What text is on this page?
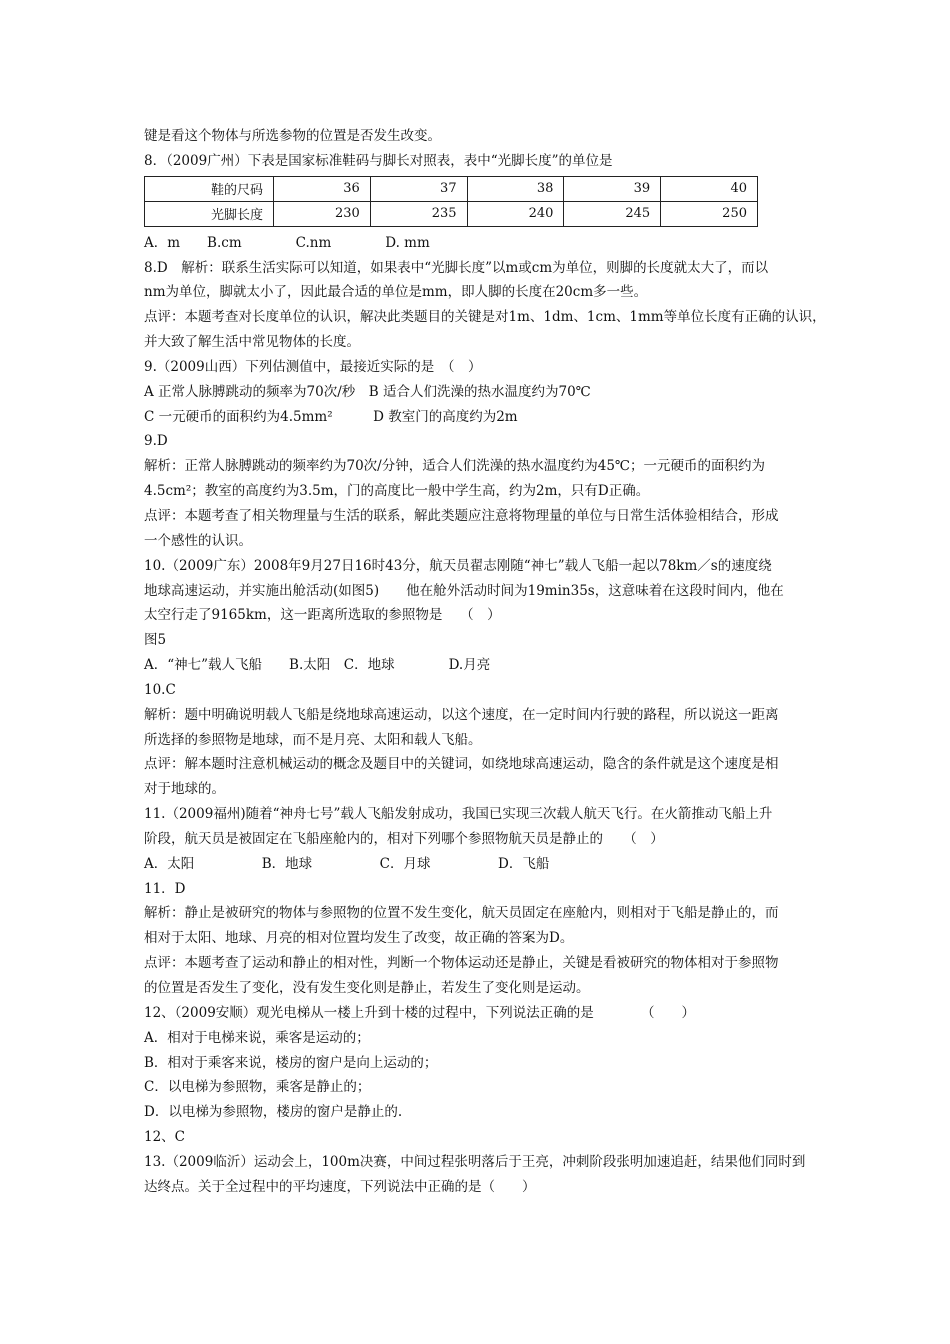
键是看这个物体与所选参物的位置是否发生改变。
8．（2009广州）下表是国家标准鞋码与脚长对照表，表中“光脚长度”的单位是
鞋的尺码	36	37	38	39	40
光脚长度	230	235	240	245	250
A．m　　B.cm　　　　C.nm　　　　D. mm
8.D　解析：联系生活实际可以知道，如果表中“光脚长度”以m或cm为单位，则脚的长度就太大了，而以
nm为单位，脚就太小了，因此最合适的单位是mm，即人脚的长度在20cm多一些。
点评：本题考查对长度单位的认识，解决此类题目的关键是对1m、1dm、1cm、1mm等单位长度有正确的认识，
并大致了解生活中常见物体的长度。
9.（2009山西）下列估测值中，最接近实际的是　（　）
A 正常人脉膊跳动的频率为70次/秒　B 适合人们洗澡的热水温度约为70℃
C 一元硬币的面积约为4.5mm²　　　D 教室门的高度约为2m
9.D
解析：正常人脉膊跳动的频率约为70次/分钟，适合人们洗澡的热水温度约为45℃；一元硬币的面积约为
4.5cm²；教室的高度约为3.5m，门的高度比一般中学生高，约为2m，只有D正确。
点评：本题考查了相关物理量与生活的联系，解此类题应注意将物理量的单位与日常生活体验相结合，形成
一个感性的认识。
10.（2009广东）2008年9月27日16时43分，航天员翟志刚随“神七”载人飞船一起以78km／s的速度绕
地球高速运动，并实施出舱活动(如图5)　　他在舱外活动时间为19min35s，这意味着在这段时间内，他在
太空行走了9165km，这一距离所选取的参照物是　 （　）
图5
A．“神七”载人飞船　　B.太阳　C．地球　　　　D.月亮
10.C
解析：题中明确说明载人飞船是绕地球高速运动，以这个速度，在一定时间内行驶的路程，所以说这一距离
所选择的参照物是地球，而不是月亮、太阳和载人飞船。
点评：解本题时注意机械运动的概念及题目中的关键词，如绕地球高速运动，隐含的条件就是这个速度是相
对于地球的。
11.（2009福州)随着“神舟七号”载人飞船发射成功，我国已实现三次载人航天飞行。在火箭推动飞船上升
阶段，航天员是被固定在飞船座舱内的，相对下列哪个参照物航天员是静止的　　（　）
A．太阳　　　　　B．地球　　　　　C．月球　　　　　D．飞船
11．D
解析：静止是被研究的物体与参照物的位置不发生变化，航天员固定在座舱内，则相对于飞船是静止的，而
相对于太阳、地球、月亮的相对位置均发生了改变，故正确的答案为D。
点评：本题考查了运动和静止的相对性，判断一个物体运动还是静止，关键是看被研究的物体相对于参照物
的位置是否发生了变化，没有发生变化则是静止，若发生了变化则是运动。
12、（2009安顺）观光电梯从一楼上升到十楼的过程中，下列说法正确的是　　　　（　　）
A．相对于电梯来说，乘客是运动的；
B．相对于乘客来说，楼房的窗户是向上运动的；
C．以电梯为参照物，乘客是静止的；
D．以电梯为参照物，楼房的窗户是静止的.
12、C
13.（2009临沂）运动会上，100m决赛，中间过程张明落后于王亮，冲刺阶段张明加速追赶，结果他们同时到
达终点。关于全过程中的平均速度，下列说法中正确的是（　　）
